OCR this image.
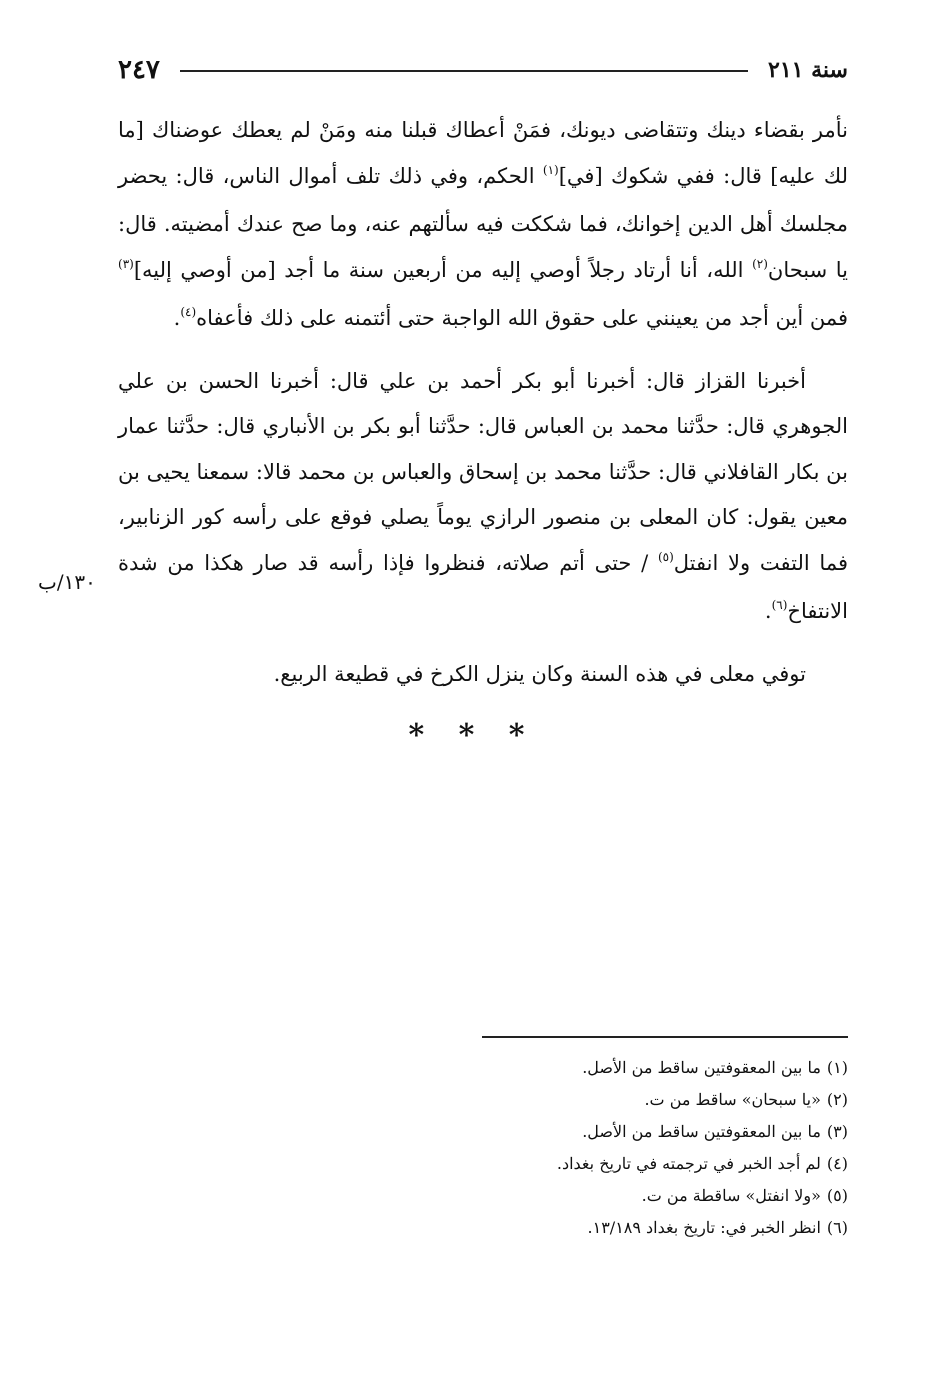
٢٤٧	سنة ٢١١

نأمر بقضاء دينك وتتقاضى ديونك، فمَنْ أعطاك قبلنا منه ومَنْ لم يعطك عوضناك [ما لك عليه] قال: ففي شكوك [في]$^{(١)}$ الحكم، وفي ذلك تلف أموال الناس، قال: يحضر مجلسك أهل الدين إخوانك، فما شككت فيه سألتهم عنه، وما صح عندك أمضيته. قال: يا سبحان$^{(٢)}$ الله، أنا أرتاد رجلاً أوصي إليه من أربعين سنة ما أجد [من أوصي إليه]$^{(٣)}$ فمن أين أجد من يعينني على حقوق الله الواجبة حتى أئتمنه على ذلك فأعفاه$^{(٤)}$.

أخبرنا القزاز قال: أخبرنا أبو بكر أحمد بن علي قال: أخبرنا الحسن بن علي الجوهري قال: حدَّثنا محمد بن العباس قال: حدَّثنا أبو بكر بن الأنباري قال: حدَّثنا عمار بن بكار القافلاني قال: حدَّثنا محمد بن إسحاق والعباس بن محمد قالا: سمعنا يحيى بن معين يقول: كان المعلى بن منصور الرازي يوماً يصلي فوقع على رأسه كور الزنابير، فما التفت ولا انفتل$^{(٥)}$ / حتى أتم صلاته، فنظروا فإذا رأسه قد صار هكذا من شدة الانتفاخ$^{(٦)}$.

توفي معلى في هذه السنة وكان ينزل الكرخ في قطيعة الربيع.

١٣٠/ب
* * *

(١)ما بين المعقوفتين ساقط من الأصل.

(٢)«يا سبحان» ساقط من ت.

(٣)ما بين المعقوفتين ساقط من الأصل.

(٤)لم أجد الخبر في ترجمته في تاريخ بغداد.

(٥)«ولا انفتل» ساقطة من ت.

(٦)انظر الخبر في: تاريخ بغداد ١٣/١٨٩.
